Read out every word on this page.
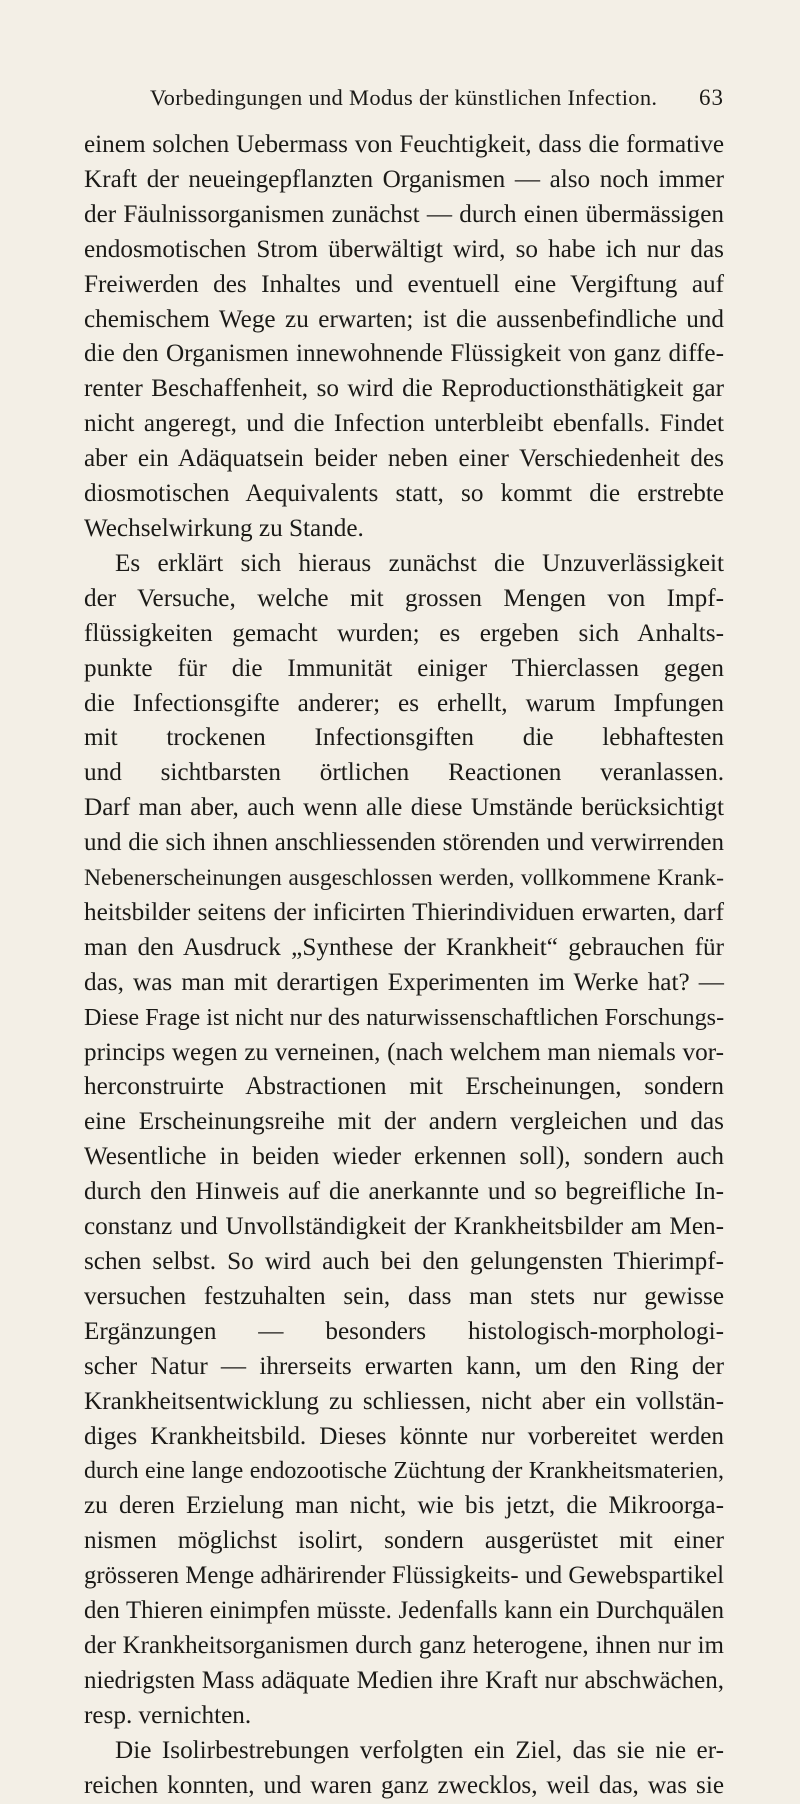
Vorbedingungen und Modus der künstlichen Infection. 63
einem solchen Uebermass von Feuchtigkeit, dass die formative
Kraft der neueingepflanzten Organismen — also noch immer
der Fäulnissorganismen zunächst — durch einen übermässigen
endosmotischen Strom überwältigt wird, so habe ich nur das
Freiwerden des Inhaltes und eventuell eine Vergiftung auf
chemischem Wege zu erwarten; ist die aussenbefindliche und
die den Organismen innewohnende Flüssigkeit von ganz diffe-
renter Beschaffenheit, so wird die Reproductionsthätigkeit gar
nicht angeregt, und die Infection unterbleibt ebenfalls. Findet
aber ein Adäquatsein beider neben einer Verschiedenheit des
diosmotischen Aequivalents statt, so kommt die erstrebte
Wechselwirkung zu Stande.
Es erklärt sich hieraus zunächst die Unzuverlässigkeit
der Versuche, welche mit grossen Mengen von Impf-
flüssigkeiten gemacht wurden; es ergeben sich Anhalts-
punkte für die Immunität einiger Thierclassen gegen
die Infectionsgifte anderer; es erhellt, warum Impfungen
mit trockenen Infectionsgiften die lebhaftesten
und sichtbarsten örtlichen Reactionen veranlassen.
Darf man aber, auch wenn alle diese Umstände berücksichtigt
und die sich ihnen anschliessenden störenden und verwirrenden
Nebenerscheinungen ausgeschlossen werden, vollkommene Krank-
heitsbilder seitens der inficirten Thierindividuen erwarten, darf
man den Ausdruck „Synthese der Krankheit“ gebrauchen für
das, was man mit derartigen Experimenten im Werke hat? —
Diese Frage ist nicht nur des naturwissenschaftlichen Forschungs-
princips wegen zu verneinen, (nach welchem man niemals vor-
herconstruirte Abstractionen mit Erscheinungen, sondern
eine Erscheinungsreihe mit der andern vergleichen und das
Wesentliche in beiden wieder erkennen soll), sondern auch
durch den Hinweis auf die anerkannte und so begreifliche In-
constanz und Unvollständigkeit der Krankheitsbilder am Men-
schen selbst. So wird auch bei den gelungensten Thierimpf-
versuchen festzuhalten sein, dass man stets nur gewisse
Ergänzungen — besonders histologisch-morphologi-
scher Natur — ihrerseits erwarten kann, um den Ring der
Krankheitsentwicklung zu schliessen, nicht aber ein vollstän-
diges Krankheitsbild. Dieses könnte nur vorbereitet werden
durch eine lange endozootische Züchtung der Krankheitsmaterien,
zu deren Erzielung man nicht, wie bis jetzt, die Mikroorga-
nismen möglichst isolirt, sondern ausgerüstet mit einer
grösseren Menge adhärirender Flüssigkeits- und Gewebspartikel
den Thieren einimpfen müsste. Jedenfalls kann ein Durchquälen
der Krankheitsorganismen durch ganz heterogene, ihnen nur im
niedrigsten Mass adäquate Medien ihre Kraft nur abschwächen,
resp. vernichten.
Die Isolirbestrebungen verfolgten ein Ziel, das sie nie er-
reichen konnten, und waren ganz zwecklos, weil das, was sie
